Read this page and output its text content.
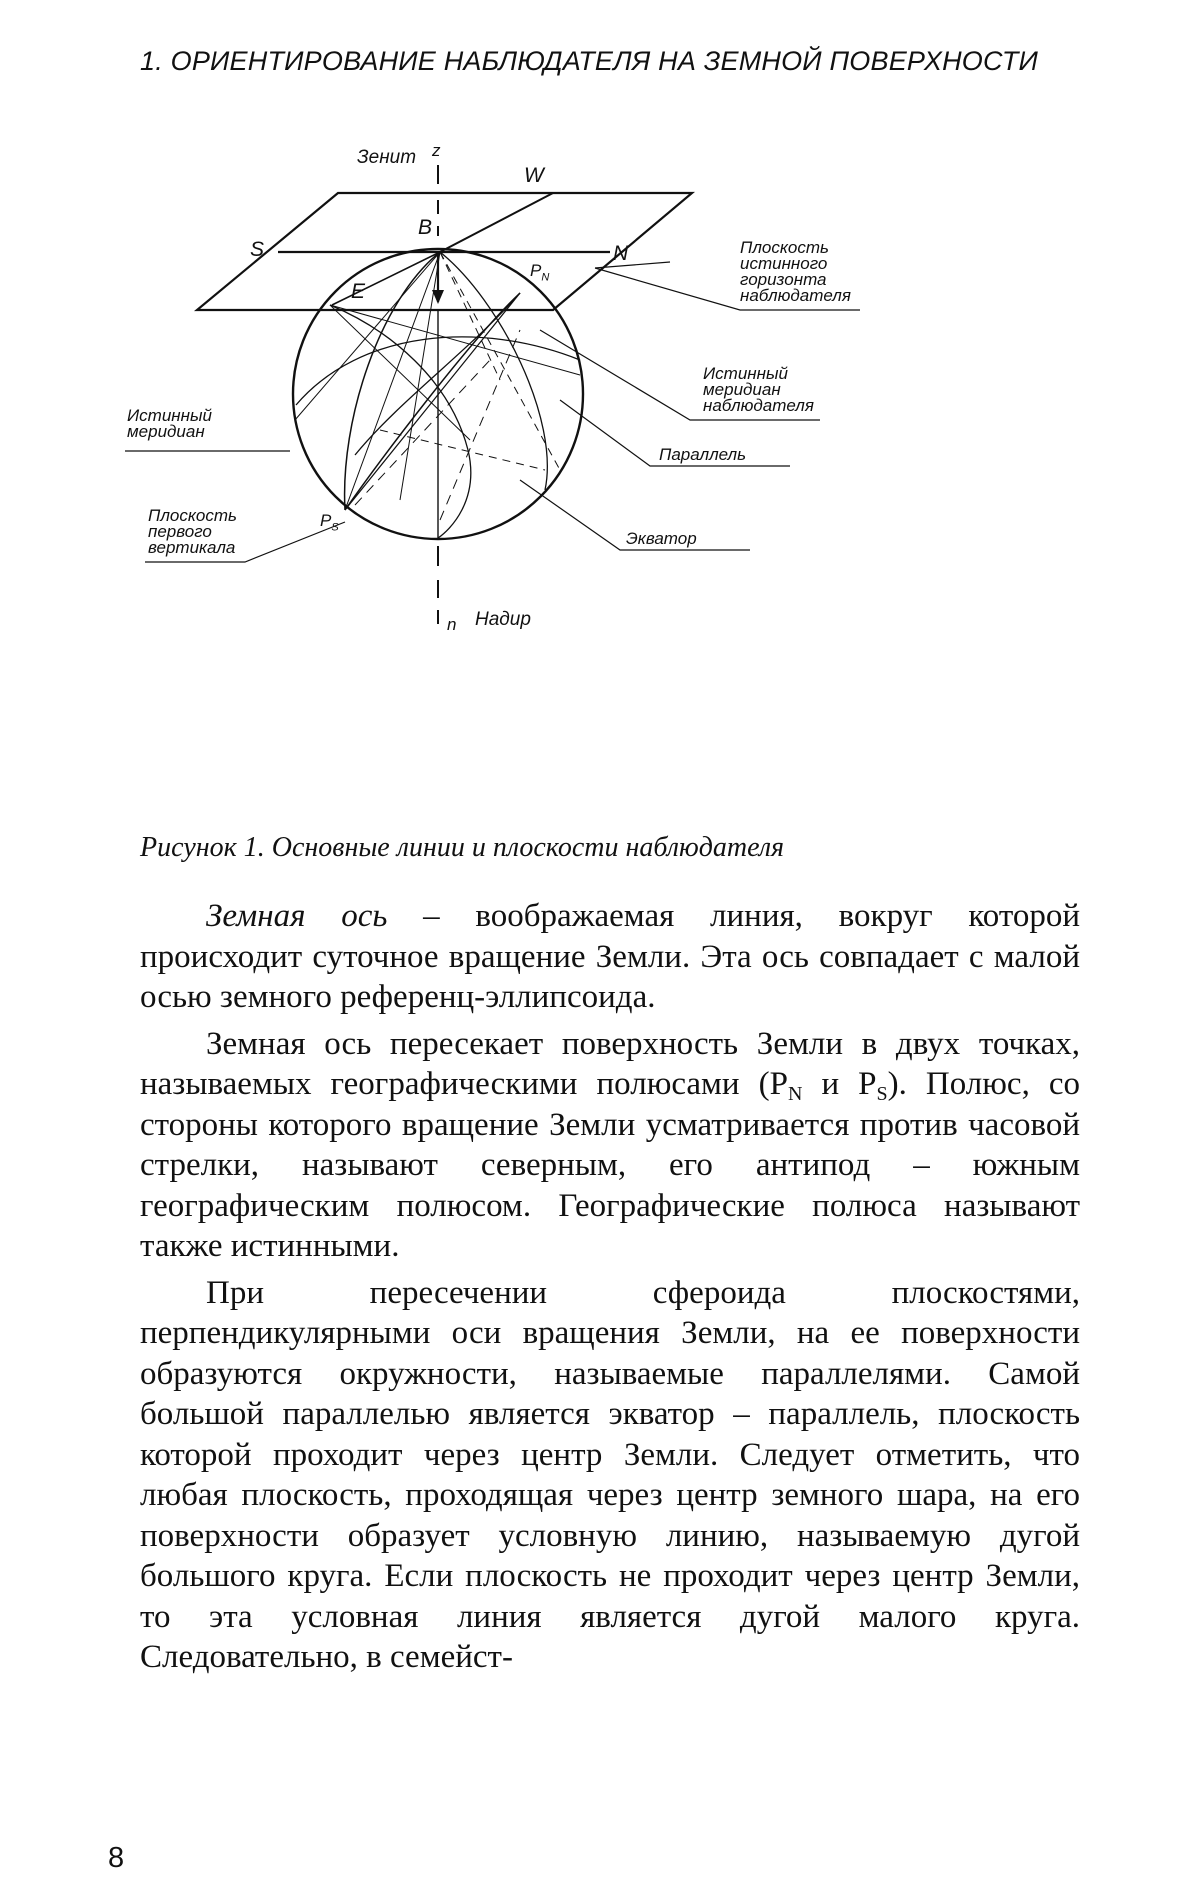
1. ОРИЕНТИРОВАНИЕ НАБЛЮДАТЕЛЯ НА ЗЕМНОЙ ПОВЕРХНОСТИ
Зенит z
W
B
S	N
$P_N$
E
$P_S$
n Надир
Плоскость
истинного
горизонта
наблюдателя
Истинный
меридиан
наблюдателя
Параллель
Истинный
меридиан
Экватор
Плоскость
первого
вертикала
Рисунок 1. Основные линии и плоскости наблюдателя

Земная ось – воображаемая линия, вокруг которой происходит суточное вращение Земли. Эта ось совпадает с малой осью земного референц-эллипсоида.

Земная ось пересекает поверхность Земли в двух точках, называемых географическими полюсами ($P_N$ и $P_S$). Полюс, со стороны которого вращение Земли усматривается против часовой стрелки, называют северным, его антипод – южным географическим полюсом. Географические полюса называют также истинными.

При пересечении сфероида плоскостями, перпендикулярными оси вращения Земли, на ее поверхности образуются окружности, называемые параллелями. Самой большой параллелью является экватор – параллель, плоскость которой проходит через центр Земли. Следует отметить, что любая плоскость, проходящая через центр земного шара, на его поверхности образует условную линию, называемую дугой большого круга. Если плоскость не проходит через центр Земли, то эта условная линия является дугой малого круга. Следовательно, в семейст-

8
